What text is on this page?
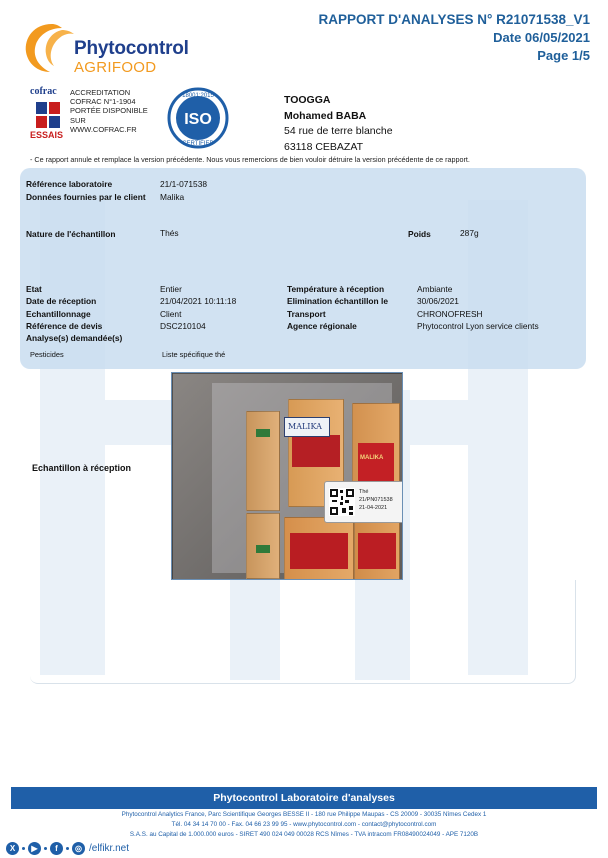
Phytocontrol
AGRIFOOD
RAPPORT D'ANALYSES N° R21071538_V1
Date 06/05/2021
Page 1/5
cofrac
ESSAIS
ACCREDITATION
COFRAC N°1-1904
PORTÉE DISPONIBLE
SUR
WWW.COFRAC.FR
ISO
18001:2015
CERTIFIED
TOOGGA
Mohamed BABA
54 rue de terre blanche
63118 CEBAZAT
- Ce rapport annule et remplace la version précédente. Nous vous remercions de bien vouloir détruire la version précédente de ce rapport.
Référence laboratoire	21/1-071538
Données fournies par le client Malika
Nature de l'échantillon	Thés	Poids	287g
Etat	Entier
Date de réception	21/04/2021 10:11:18
Echantillonnage	Client
Référence de devis	DSC210104
Analyse(s) demandée(s)
Température à réception	Ambiante
Elimination échantillon le	30/06/2021
Transport	CHRONOFRESH
Agence régionale	Phytocontrol Lyon service clients
Pesticides	Liste spécifique thé
Echantillon à réception
MALIKA
MALIKA
Thé
21/PN071538
21-04-2021
Phytocontrol Laboratoire d'analyses
Phytocontrol Analytics France, Parc Scientifique Georges BESSE II - 180 rue Philippe Maupas - CS 20009 - 30035 Nîmes Cedex 1
Tél. 04 34 14 70 00 - Fax. 04 66 23 99 95 - www.phytocontrol.com - contact@phytocontrol.com
S.A.S. au Capital de 1.000.000 euros - SIRET 490 024 049 00028 RCS Nîmes - TVA intracom FR08490024049 - APE 7120B
X	▶	f	◎ /elfikr.net
